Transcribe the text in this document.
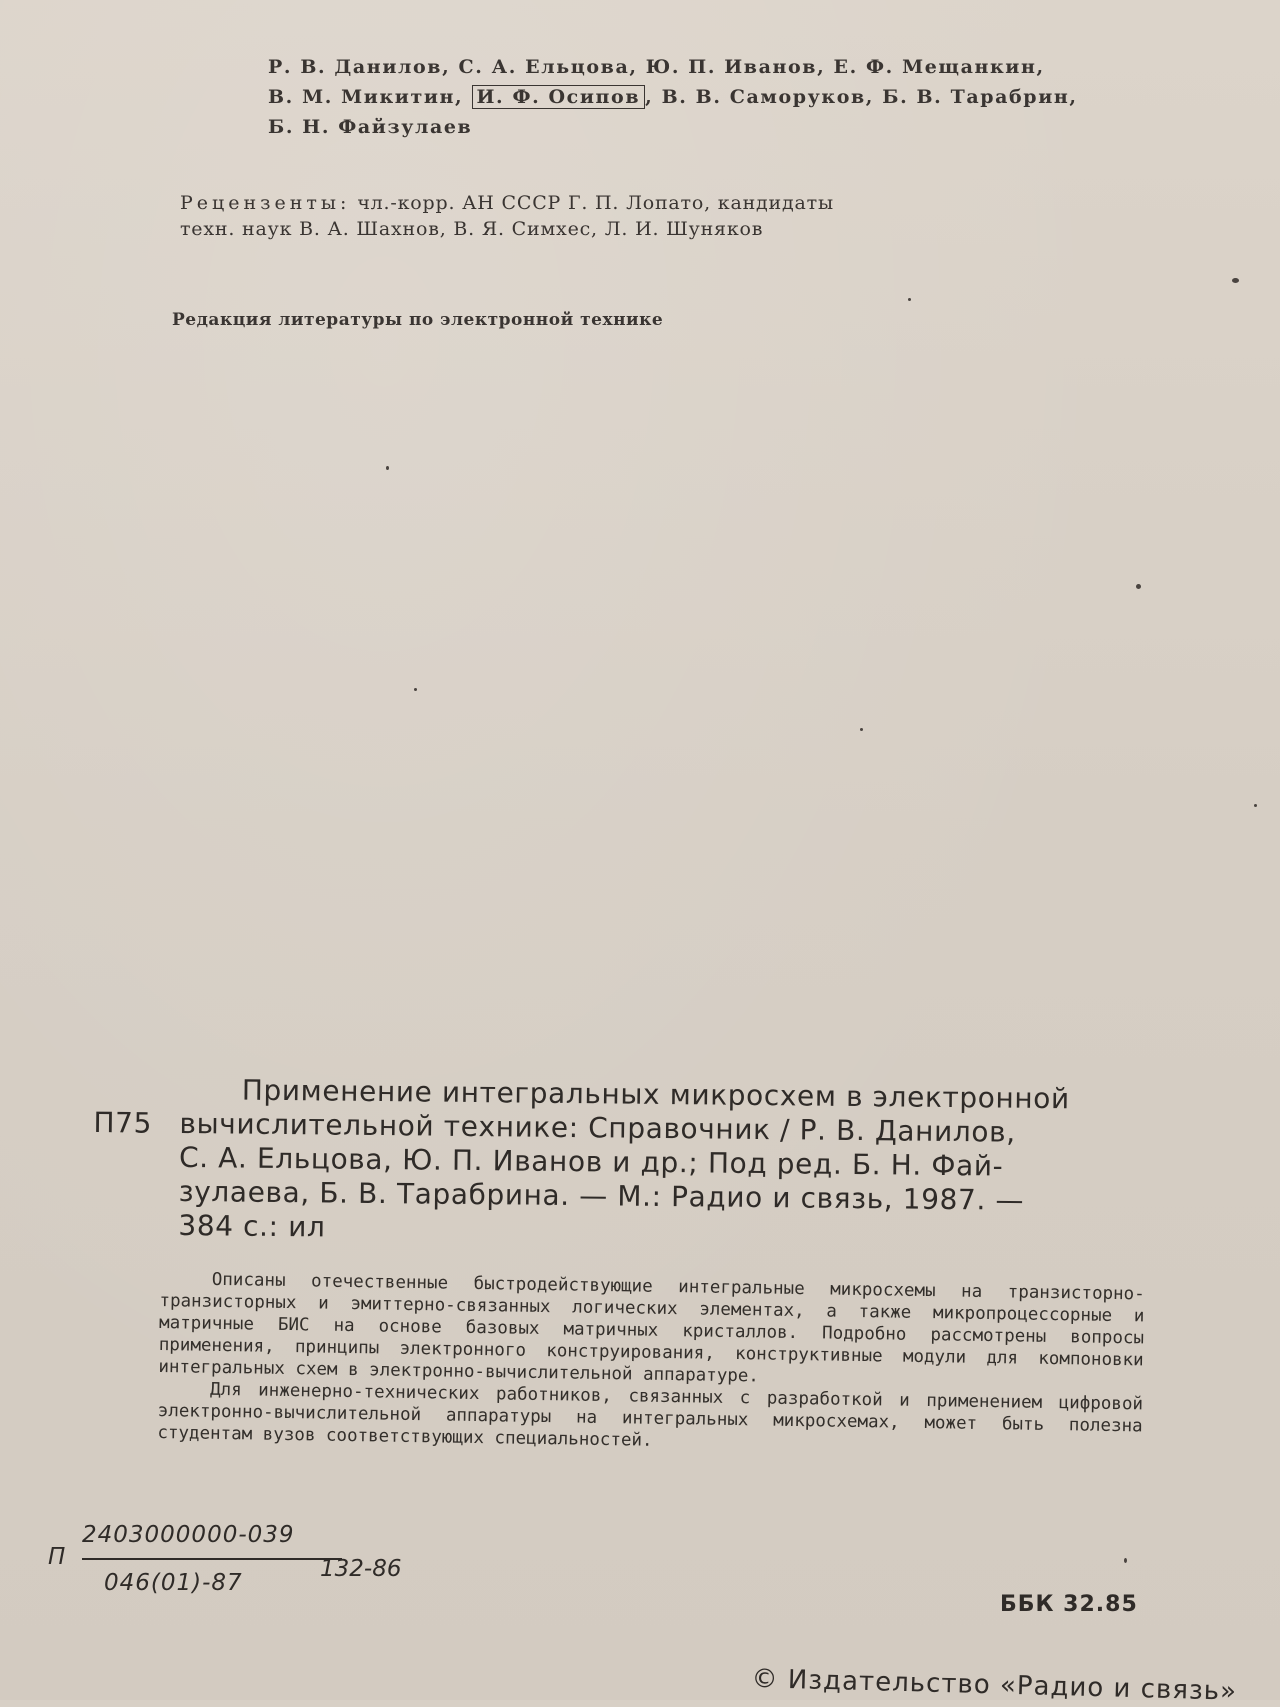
Р. В. Данилов, С. А. Ельцова, Ю. П. Иванов, Е. Ф. Мещанкин,
В. М. Микитин, И. Ф. Осипов , В. В. Саморуков, Б. В. Тарабрин,
Б. Н. Файзулаев
Рецензенты: чл.-корр. АН СССР Г. П. Лопато, кандидаты
техн. наук В. А. Шахнов, В. Я. Симхес, Л. И. Шуняков
Редакция литературы по электронной технике
Применение интегральных микросхем в электронной
П75 вычислительной технике: Справочник / Р. В. Данилов,
С. А. Ельцова, Ю. П. Иванов и др.; Под ред. Б. Н. Фай-
зулаева, Б. В. Тарабрина. — М.: Радио и связь, 1987. —
384 с.: ил

Описаны отечественные быстродействующие интегральные микросхемы на транзисторно-транзисторных и эмиттерно-связанных логических элементах, а также микропроцессорные и матричные БИС на основе базовых матричных кристаллов. Подробно рассмотрены вопросы применения, принципы электронного конструирования, конструктивные модули для компоновки интегральных схем в электронно-вычислительной аппаратуре.

Для инженерно-технических работников, связанных с разработкой и применением цифровой электронно-вычислительной аппаратуры на интегральных микросхемах, может быть полезна студентам вузов соответствующих специальностей.

П
2403000000-039
046(01)-87
132-86
ББК 32.85
© Издательство «Радио и связь»
